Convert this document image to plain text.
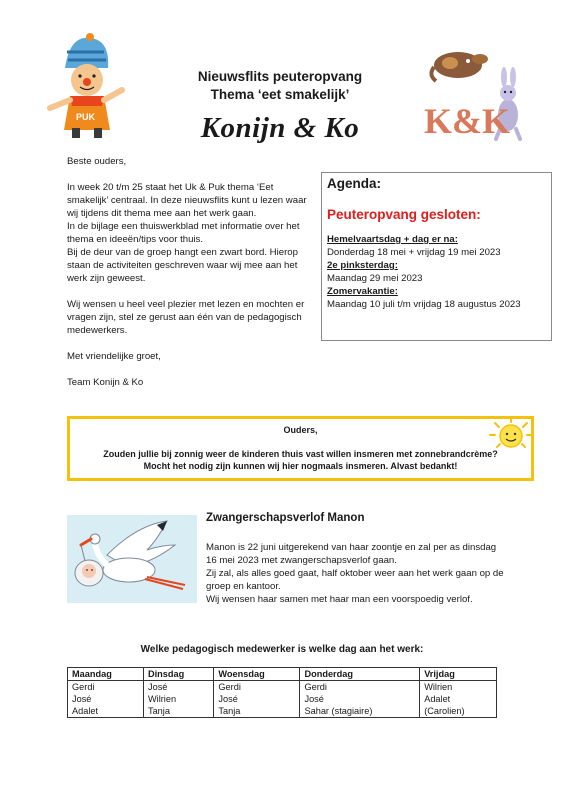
PUK
Nieuwsflits peuteropvang
Thema ‘eet smakelijk’
Konijn & Ko	K&K

Beste ouders,

In week 20 t/m 25 staat het Uk & Puk thema ‘Eet smakelijk’ centraal. In deze nieuwsflits kunt u lezen waar wij tijdens dit thema mee aan het werk gaan.

In de bijlage een thuiswerkblad met informatie over het thema en ideeën/tips voor thuis.

Bij de deur van de groep hangt een zwart bord. Hierop staan de activiteiten geschreven waar wij mee aan het werk zijn geweest.

Wij wensen u heel veel plezier met lezen en mochten er vragen zijn, stel ze gerust aan één van de pedagogisch medewerkers.

Met vriendelijke groet,

Team Konijn & Ko

Agenda:
Peuteropvang gesloten:
Hemelvaartsdag + dag er na:
Donderdag 18 mei + vrijdag 19 mei 2023
2e pinksterdag:
Maandag 29 mei 2023
Zomervakantie:
Maandag 10 juli t/m vrijdag 18 augustus 2023
Ouders,
Zouden jullie bij zonnig weer de kinderen thuis vast willen insmeren met zonnebrandcrème?
Mocht het nodig zijn kunnen wij hier nogmaals insmeren. Alvast bedankt!
Zwangerschapsverlof Manon

Manon is 22 juni uitgerekend van haar zoontje en zal per as dinsdag 16 mei 2023 met zwangerschapsverlof gaan.

Zij zal, als alles goed gaat, half oktober weer aan het werk gaan op de groep en kantoor.

Wij wensen haar samen met haar man een voorspoedig verlof.

Welke pedagogisch medewerker is welke dag aan het werk:
Maandag	Dinsdag	Woensdag	Donderdag	Vrijdag
Gerdi	José	Gerdi	Gerdi	Wilrien
José	Wilrien	José	José	Adalet
Adalet	Tanja	Tanja	Sahar (stagiaire)	(Carolien)
